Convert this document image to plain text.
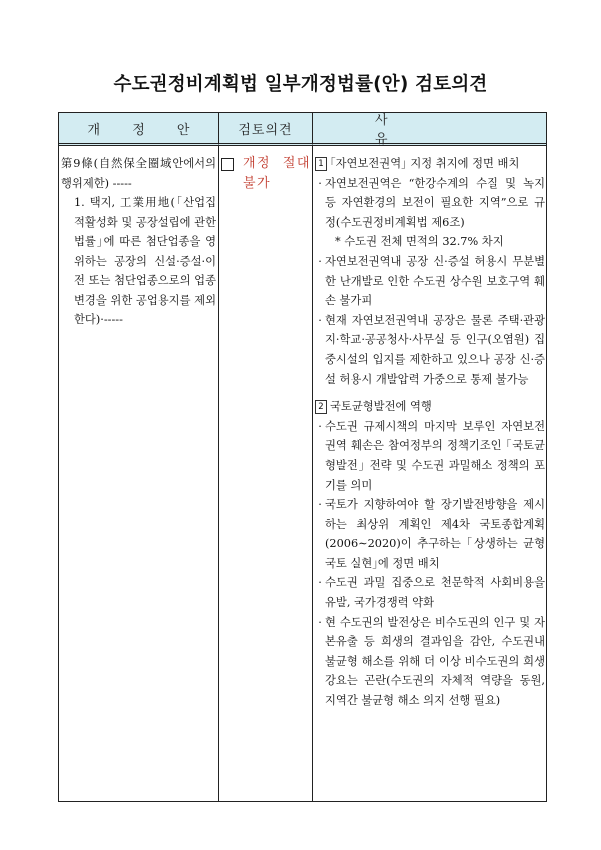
수도권정비계획법 일부개정법률(안) 검토의견
개 정 안	검토의견
사 유

第9條(自然保全圈域안에서의 행위제한) -----

1. 택지, 工業用地(｢산업집적활성화 및 공장설립에 관한 법률｣에 따른 첨단업종을 영위하는 공장의 신설·증설·이전 또는 첨단업종으로의 업종변경을 위한 공업용지를 제외한다)·-----

개정 절대 불가
1 ｢자연보전권역｣ 지정 취지에 정면 배치
· 자연보전권역은 “한강수계의 수질 및 녹지 등 자연환경의 보전이 필요한 지역”으로 규정(수도권정비계획법 제6조)
* 수도권 전체 면적의 32.7% 차지
· 자연보전권역내 공장 신·증설 허용시 무분별한 난개발로 인한 수도권 상수원 보호구역 훼손 불가피
· 현재 자연보전권역내 공장은 물론 주택·관광지·학교·공공청사·사무실 등 인구(오염원) 집중시설의 입지를 제한하고 있으나 공장 신·증설 허용시 개발압력 가중으로 통제 불가능
2 국토균형발전에 역행
· 수도권 규제시책의 마지막 보루인 자연보전권역 훼손은 참여정부의 정책기조인 ｢국토균형발전｣ 전략 및 수도권 과밀해소 정책의 포기를 의미
· 국토가 지향하여야 할 장기발전방향을 제시하는 최상위 계획인 제4차 국토종합계획(2006∼2020)이 추구하는 ｢상생하는 균형국토 실현｣에 정면 배치
· 수도권 과밀 집중으로 천문학적 사회비용을 유발, 국가경쟁력 약화
· 현 수도권의 발전상은 비수도권의 인구 및 자본유출 등 희생의 결과임을 감안, 수도권내 불균형 해소를 위해 더 이상 비수도권의 희생 강요는 곤란(수도권의 자체적 역량을 동원, 지역간 불균형 해소 의지 선행 필요)
